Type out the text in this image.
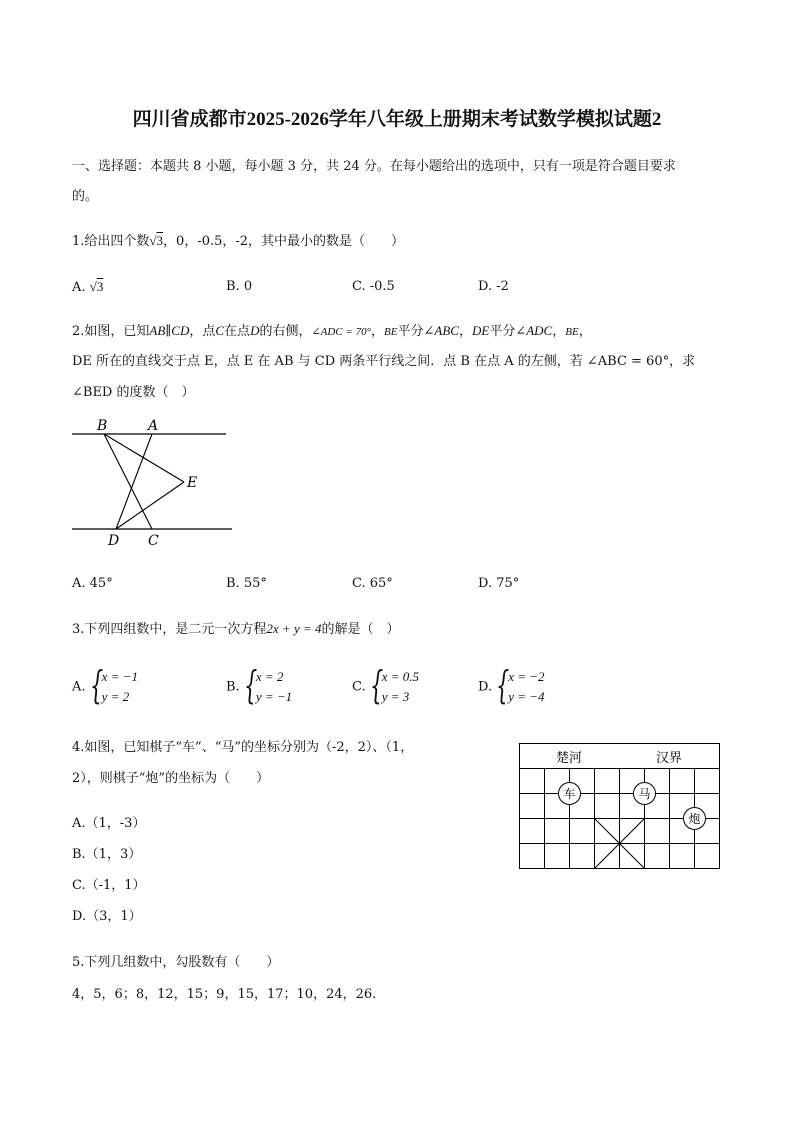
四川省成都市2025-2026学年八年级上册期末考试数学模拟试题2
一、选择题：本题共 8 小题，每小题 3 分，共 24 分。在每小题给出的选项中，只有一项是符合题目要求
的。
1.给出四个数√3，0，-0.5，-2，其中最小的数是（　　）
A. √3	B. 0	C. -0.5	D. -2
2.如图，已知AB∥CD，点C在点D的右侧，∠ADC = 70°，BE平分∠ABC，DE平分∠ADC，BE，
DE 所在的直线交于点 E，点 E 在 AB 与 CD 两条平行线之间．点 B 在点 A 的左侧，若 ∠ABC = 60°，求
∠BED 的度数（　）
B	A
E
D C
A. 45°	B. 55°	C. 65°	D. 75°
3.下列四组数中，是二元一次方程2x + y = 4的解是（　）
A. {
x = −1
y = 2
B. {
x = 2
y = −1
C. {
x = 0.5
y = 3
D. {
x = −2
y = −4
4.如图，已知棋子“车”、“马”的坐标分别为（-2，2）、（1，
2），则棋子“炮”的坐标为（　　）
A.（1，-3）
B.（1，3）
C.（-1，1）
D.（3，1）
楚河	汉界
车	马
炮
5.下列几组数中，勾股数有（　　）
4，5，6；8，12，15；9，15，17；10，24，26.
